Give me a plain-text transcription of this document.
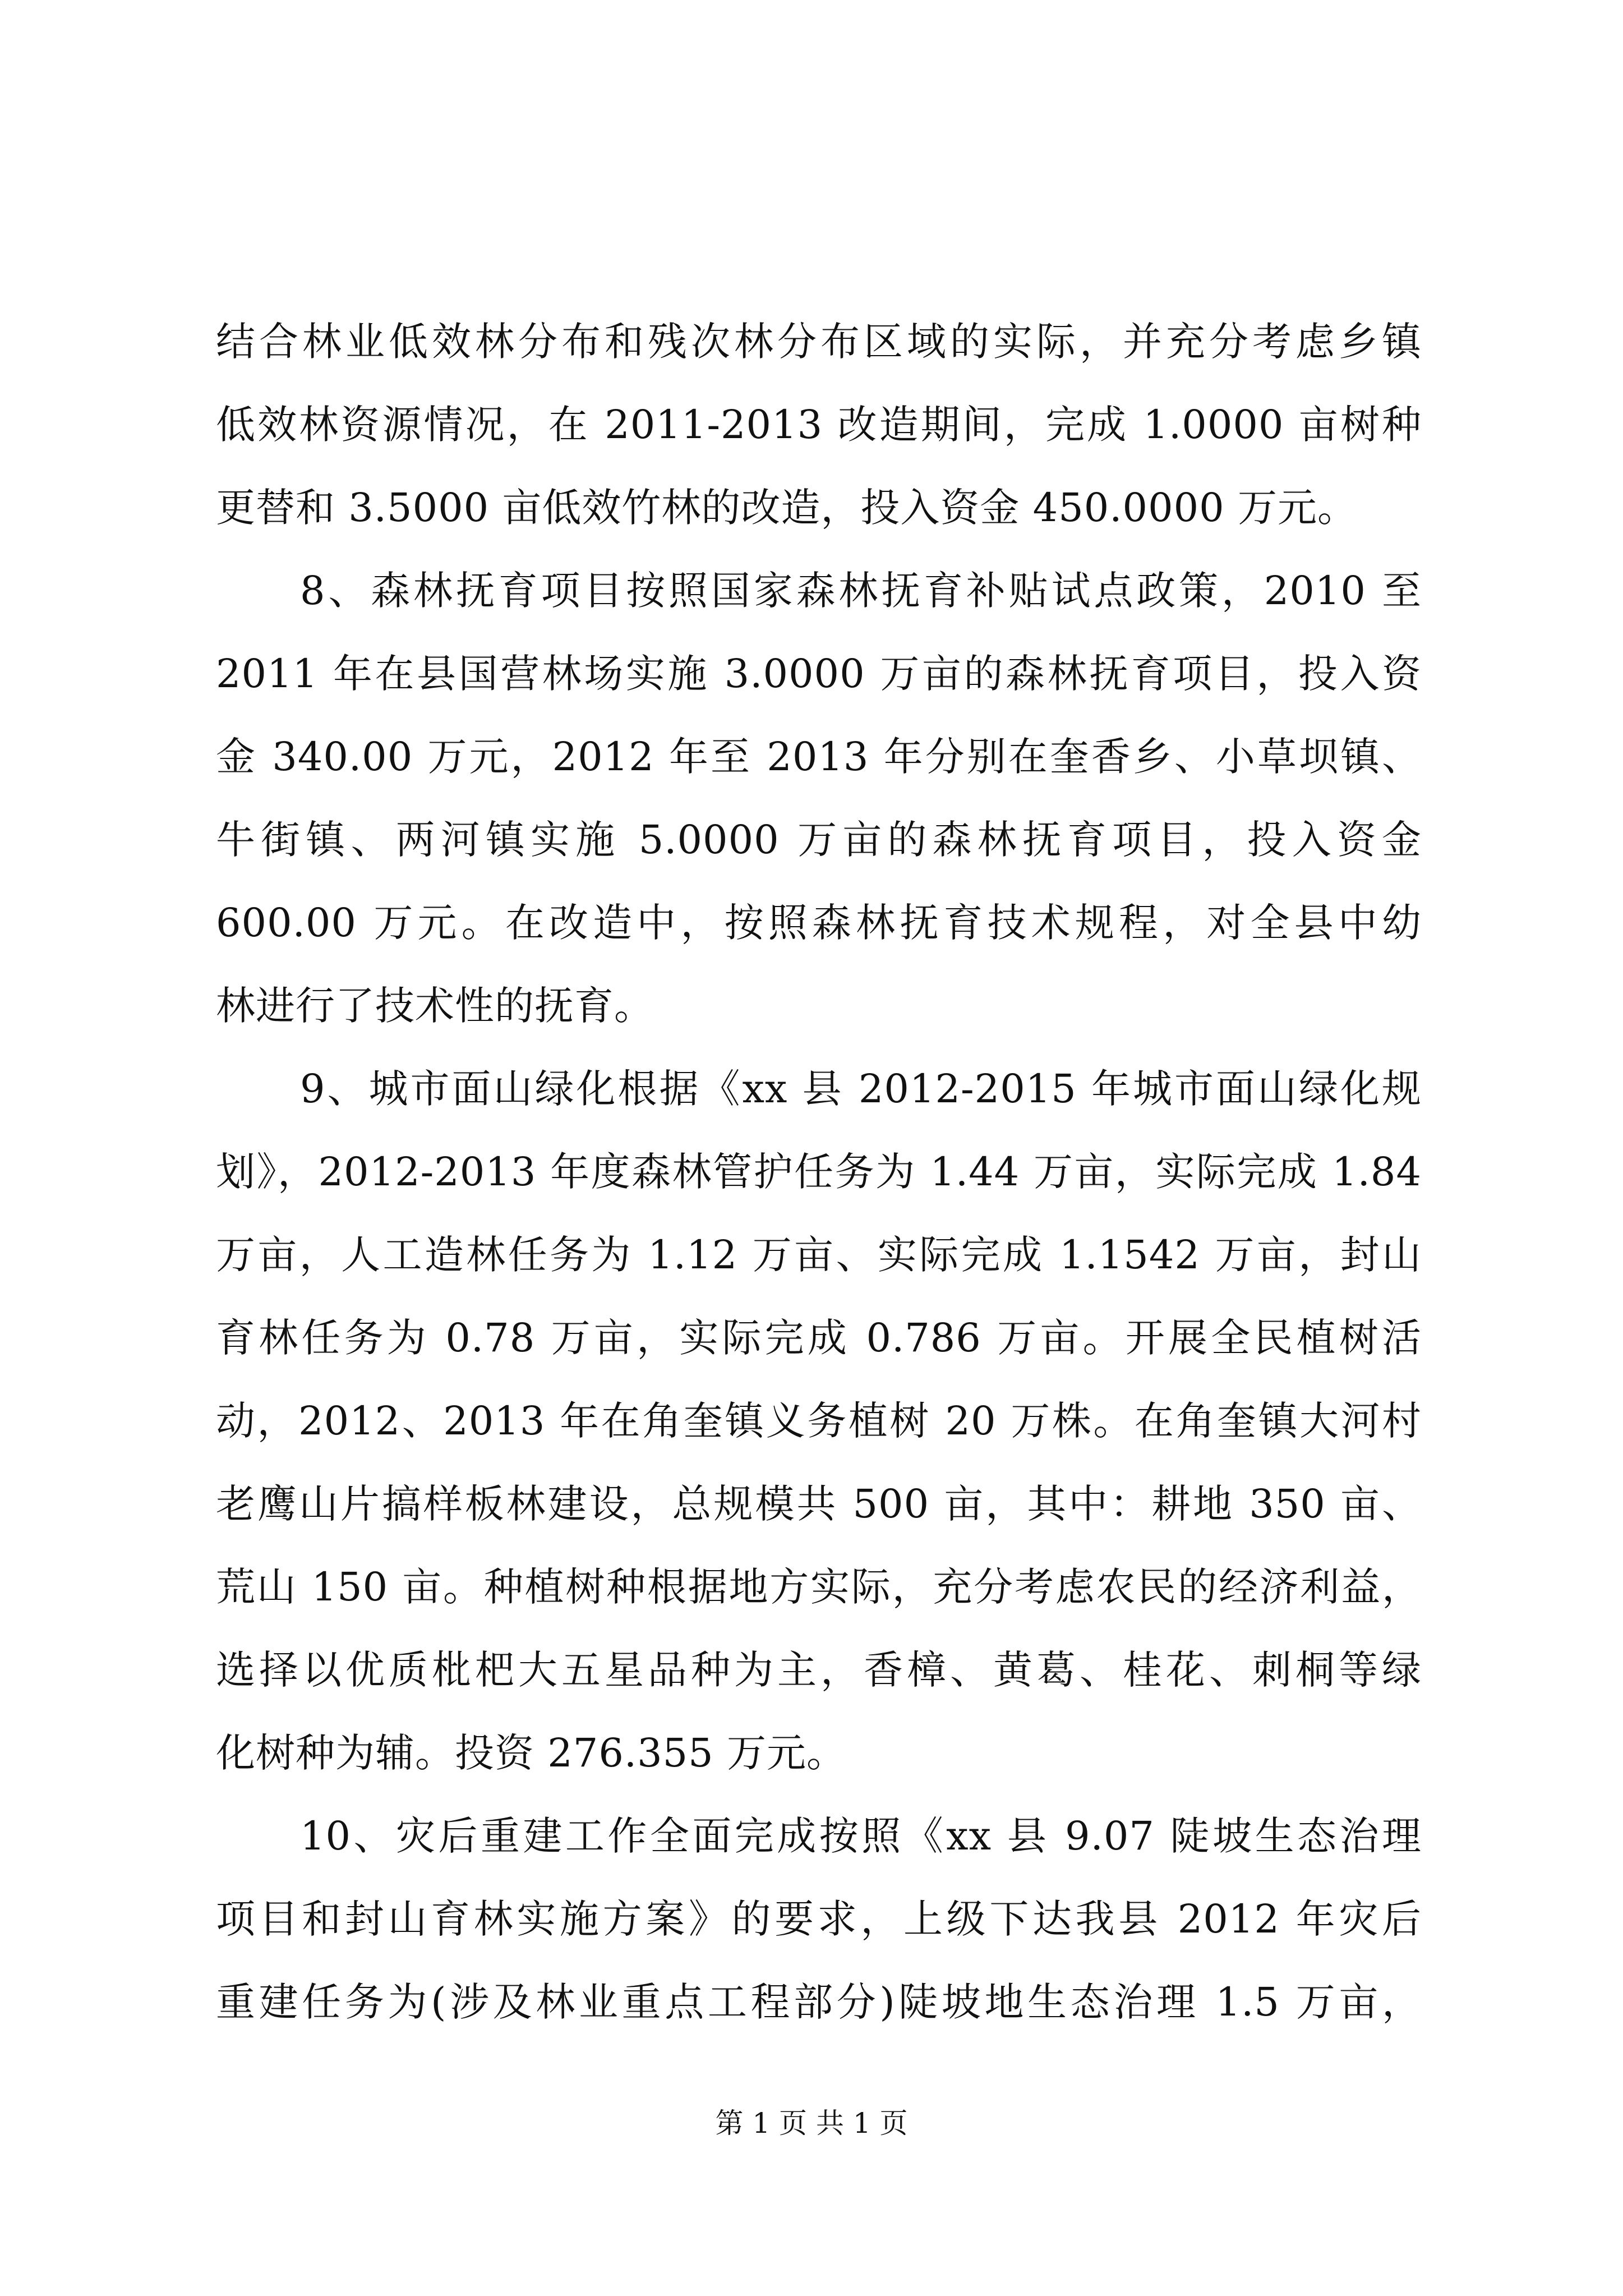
结合林业低效林分布和残次林分布区域的实际，并充分考虑乡镇
低效林资源情况，在 2011-2013 改造期间，完成 1.0000 亩树种
更替和 3.5000 亩低效竹林的改造，投入资金 450.0000 万元。
8、森林抚育项目按照国家森林抚育补贴试点政策，2010 至
2011 年在县国营林场实施 3.0000 万亩的森林抚育项目，投入资
金 340.00 万元，2012 年至 2013 年分别在奎香乡、小草坝镇、
牛街镇、两河镇实施 5.0000 万亩的森林抚育项目，投入资金
600.00 万元。在改造中，按照森林抚育技术规程，对全县中幼
林进行了技术性的抚育。
9、城市面山绿化根据《xx 县 2012-2015 年城市面山绿化规
划》，2012-2013 年度森林管护任务为 1.44 万亩，实际完成 1.84
万亩，人工造林任务为 1.12 万亩、实际完成 1.1542 万亩，封山
育林任务为 0.78 万亩，实际完成 0.786 万亩。开展全民植树活
动，2012、2013 年在角奎镇义务植树 20 万株。在角奎镇大河村
老鹰山片搞样板林建设，总规模共 500 亩，其中：耕地 350 亩、
荒山 150 亩。种植树种根据地方实际，充分考虑农民的经济利益，
选择以优质枇杷大五星品种为主，香樟、黄葛、桂花、刺桐等绿
化树种为辅。投资 276.355 万元。
10、灾后重建工作全面完成按照《xx 县 9.07 陡坡生态治理
项目和封山育林实施方案》的要求，上级下达我县 2012 年灾后
重建任务为(涉及林业重点工程部分)陡坡地生态治理 1.5 万亩，
第 1 页 共 1 页
